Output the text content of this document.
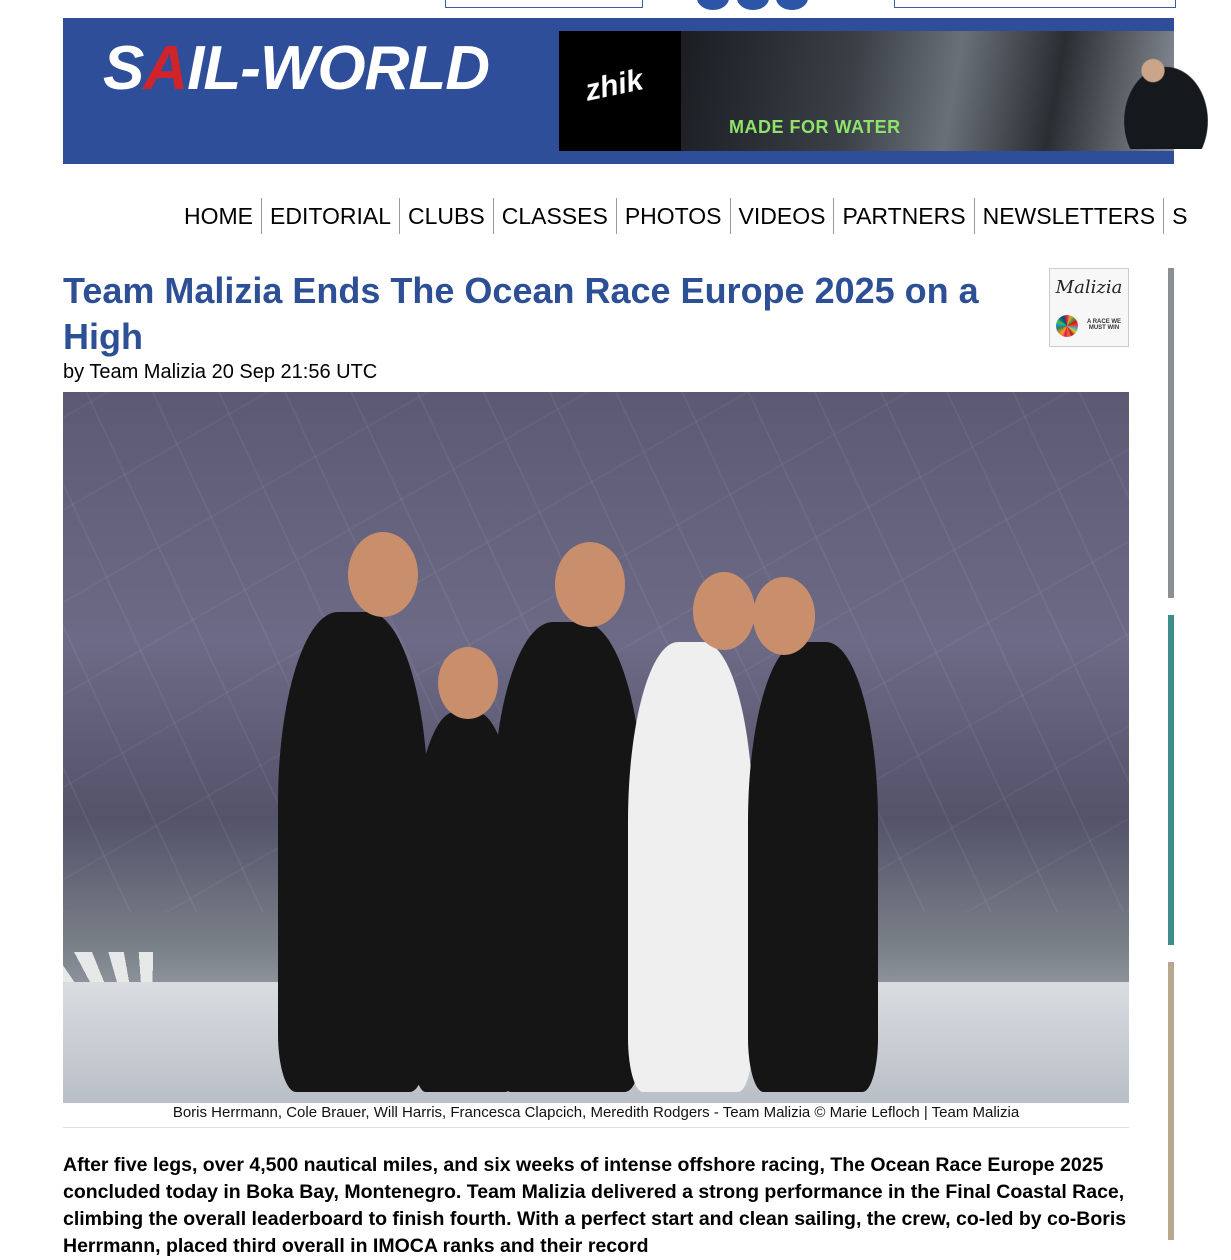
SAIL-WORLD	zhik
MADE FOR WATER
HOME EDITORIAL CLUBS CLASSES PHOTOS VIDEOS PARTNERS NEWSLETTERS S
Team Malizia Ends The Ocean Race Europe 2025 on a High
Malizia
A RACE WE MUST WIN
by Team Malizia 20 Sep 21:56 UTC
Boris Herrmann, Cole Brauer, Will Harris, Francesca Clapcich, Meredith Rodgers - Team Malizia © Marie Lefloch | Team Malizia

After five legs, over 4,500 nautical miles, and six weeks of intense offshore racing, The Ocean Race Europe 2025 concluded today in Boka Bay, Montenegro. Team Malizia delivered a strong performance in the Final Coastal Race, climbing the overall leaderboard to finish fourth. With a perfect start and clean sailing, the crew, co-led by co-Boris Herrmann, placed third overall in IMOCA ranks and their record
